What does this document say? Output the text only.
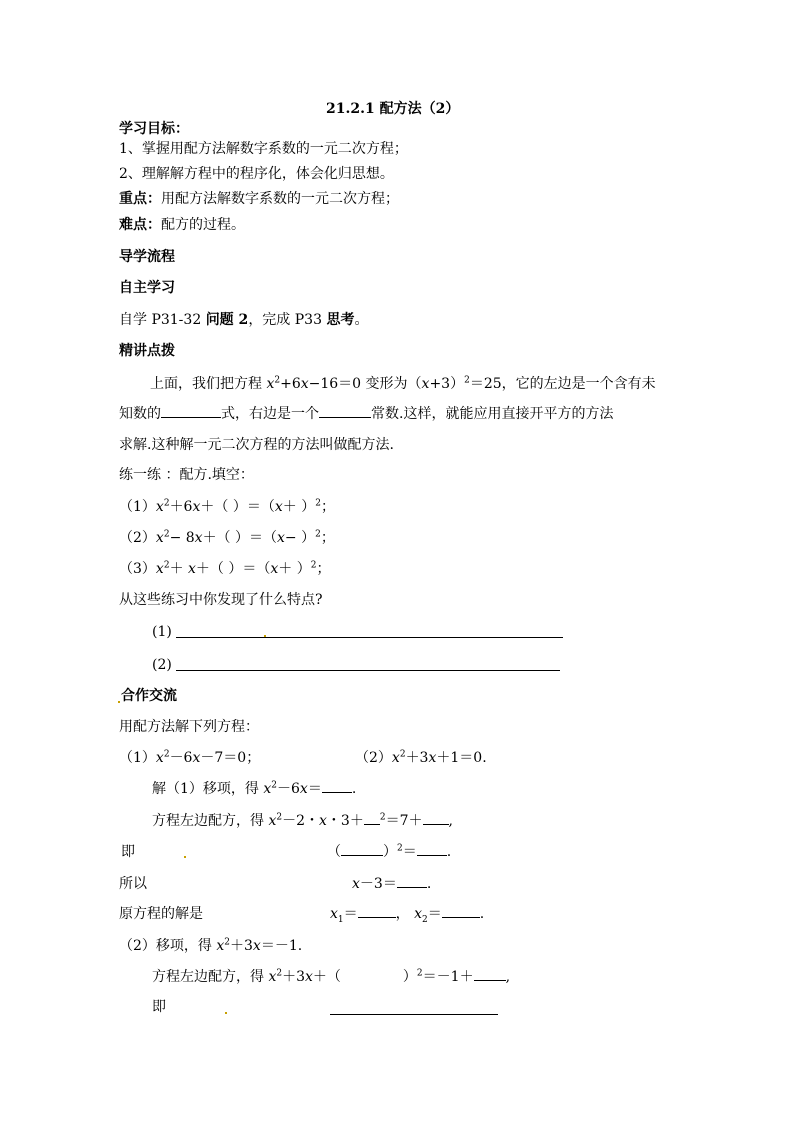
21.2.1 配方法（2）
学习目标：
1、掌握用配方法解数字系数的一元二次方程；
2、理解解方程中的程序化，体会化归思想。
重点：用配方法解数字系数的一元二次方程；
难点：配方的过程。
导学流程
自主学习
自学 P31-32 问题 2，完成 P33 思考。
精讲点拨
上面，我们把方程 $x^2+6x-16=0$ 变形为$(x+3)^2=25$，它的左边是一个含有未
知数的	式，右边是一个	常数.这样，就能应用直接开平方的方法
求解.这种解一元二次方程的方法叫做配方法.
练一练 ：配方.填空：
$(1)x^2+6x+$（ ）$=(x+ )^2$；
$(2)x^2- 8x+$（ ）$=(x- )^2$；
$(3)x^2+ x+$（ ）$=(x+ )^2$；
从这些练习中你发现了什么特点?
(1)
(2)
合作交流
用配方法解下列方程：
$(1)x^2-6x-7=0$；	$(2)x^2+3x+1=0$.
解（1）移项，得 $x^2-6x=$ .
方程左边配方，得 $x^2-2$・x・3＋ $^2$＝7＋ ,
即	（	）$^2$＝ .
所以	x－3＝ .
原方程的解是	$x_1=$	， $x_2=$	.
（2）移项，得 $x^2+3x=-1$.
方程左边配方，得 $x^2+3x+$（	）$^2$＝－1＋ ,
即
